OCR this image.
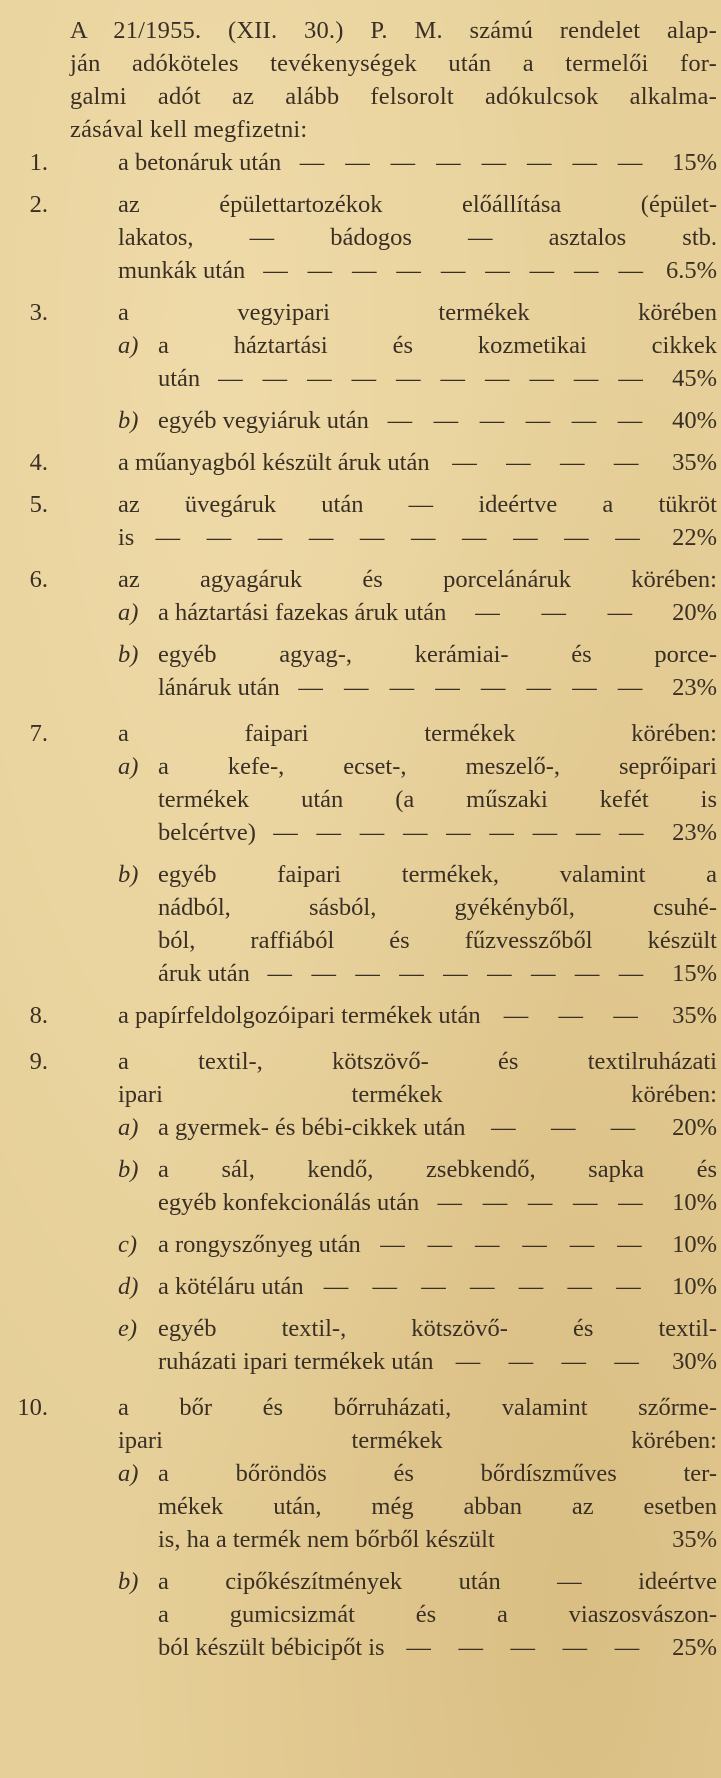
A 21/1955. (XII. 30.) P. M. számú rendelet alap-
ján adóköteles tevékenységek után a termelői for-
galmi adót az alább felsorolt adókulcsok alkalma-
zásával kell megfizetni:
1.	a betonáruk után — — — — — — — —	15%
2.	az épülettartozékok előállítása (épület-
lakatos, — bádogos — asztalos stb.
munkák után — — — — — — — — — 6.5%
3.	a vegyipari termékek körében
a) a háztartási és kozmetikai cikkek
után — — — — — — — — — —	45%
b) egyéb vegyiáruk után — — — — — —	40%
4.	a műanyagból készült áruk után — — — —	35%
5.	az üvegáruk után — ideértve a tükröt
is — — — — — — — — — —	22%
6.	az agyagáruk és porcelánáruk körében:
a) a háztartási fazekas áruk után — — —	20%
b) egyéb agyag-, kerámiai- és porce-
lánáruk után — — — — — — — —	23%
7.	a faipari termékek körében:
a) a kefe-, ecset-, meszelő-, seprőipari
termékek után (a műszaki kefét is
belcértve) — — — — — — — — —	23%
b) egyéb faipari termékek, valamint a
nádból, sásból, gyékényből, csuhé-
ból, raffiából és fűzvesszőből készült
áruk után — — — — — — — — —	15%
8.	a papírfeldolgozóipari termékek után — — —	35%
9.	a textil-, kötszövő- és textilruházati
ipari termékek körében:
a) a gyermek- és bébi-cikkek után — — —	20%
b) a sál, kendő, zsebkendő, sapka és
egyéb konfekcionálás után — — — — —	10%
c) a rongyszőnyeg után — — — — — —	10%
d) a kötéláru után — — — — — — —	10%
e) egyéb textil-, kötszövő- és textil-
ruházati ipari termékek után — — — —	30%
10.	a bőr és bőrruházati, valamint szőrme-
ipari termékek körében:
a) a bőröndös és bőrdíszműves ter-
mékek után, még abban az esetben
is, ha a termék nem bőrből készült	35%
b) a cipőkészítmények után — ideértve
a gumicsizmát és a viaszosvászon-
ból készült bébicipőt is — — — — —	25%
